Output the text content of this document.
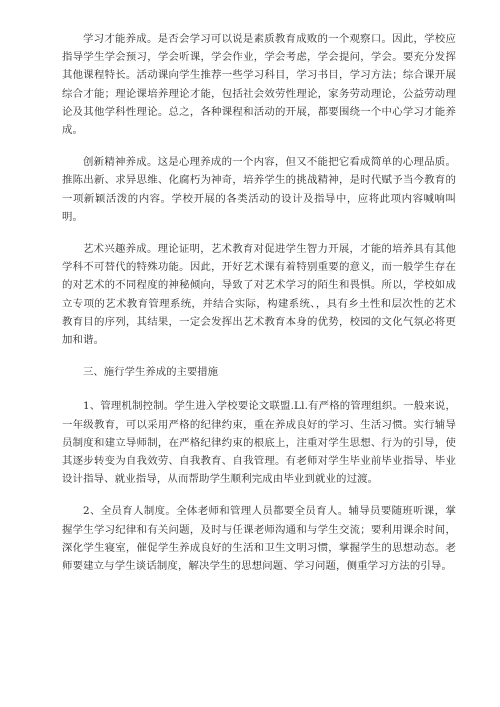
学习才能养成。是否会学习可以说是素质教育成败的一个观察口。因此，学校应指导学生学会预习，学会听课，学会作业，学会考虑，学会提问，学会。要充分发挥其他课程特长。活动课向学生推荐一些学习科目，学习书目，学习方法；综合课开展综合才能；理论课培养理论才能，包括社会效劳性理论，家务劳动理论，公益劳动理论及其他学科性理论。总之，各种课程和活动的开展，都要围绕一个中心学习才能养成。

创新精神养成。这是心理养成的一个内容，但又不能把它看成简单的心理品质。推陈出新、求异思维、化腐朽为神奇，培养学生的挑战精神，是时代赋予当今教育的一项新颖活泼的内容。学校开展的各类活动的设计及指导中，应将此项内容喊响叫明。

艺术兴趣养成。理论证明，艺术教育对促进学生智力开展，才能的培养具有其他学科不可替代的特殊功能。因此，开好艺术课有着特别重要的意义，而一般学生存在的对艺术的不同程度的神秘倾向，导致了对艺术学习的陌生和畏惧。所以，学校如成立专项的艺术教育管理系统，并结合实际，构建系统、，具有乡土性和层次性的艺术教育目的序列，其结果，一定会发挥出艺术教育本身的优势，校园的文化气氛必将更加和谐。

三、施行学生养成的主要措施

1、管理机制控制。学生进入学校要论文联盟.Ll.有严格的管理组织。一般来说，一年级教育，可以采用严格的纪律约束，重在养成良好的学习、生活习惯。实行辅导员制度和建立导师制，在严格纪律约束的根底上，注重对学生思想、行为的引导，使其逐步转变为自我效劳、自我教育、自我管理。有老师对学生毕业前毕业指导、毕业设计指导、就业指导，从而帮助学生顺利完成由毕业到就业的过渡。

2、全员育人制度。全体老师和管理人员都要全员育人。辅导员要随班听课，掌握学生学习纪律和有关问题，及时与任课老师沟通和与学生交流；要利用课余时间，深化学生寝室，催促学生养成良好的生活和卫生文明习惯，掌握学生的思想动态。老师要建立与学生谈话制度，解决学生的思想问题、学习问题，侧重学习方法的引导。
